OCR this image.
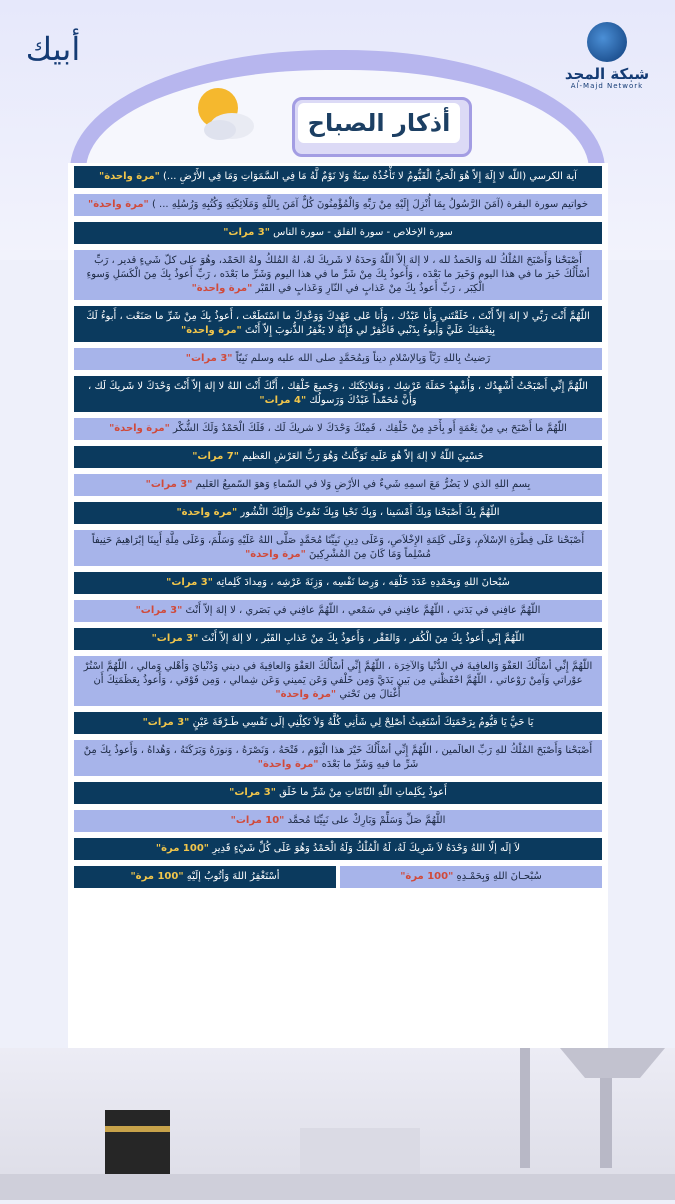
شبكة المجد
Al-Majd Network
أبيك
أذكار الصباح
آية الكرسي (اللّه لا إِلَهَ إِلاّ هُوَ الْحَيُّ الْقَيُّومُ لا تَأْخُذُهُ سِنَةٌ وَلا نَوْمٌ لَّهُ مَا فِي السَّمَوَاتِ وَمَا فِي الأَرْضِ ...) "مرة واحدة"
خواتيم سورة البقرة (آمَنَ الرَّسُولُ بِمَا أُنْزِلَ إِلَيْهِ مِنْ رَبِّهِ وَالْمُؤْمِنُونَ كُلٌّ آمَنَ بِاللَّهِ وَمَلَائِكَتِهِ وَكُتُبِهِ وَرُسُلِهِ ... ) "مرة واحدة"
سورة الإخلاص - سورة الفلق - سورة الناس "3 مرات"
أَصْبَحْنا وَأَصْبَحَ المُلْكُ لله وَالحَمدُ لله ، لا إلهَ إلاّ اللّهُ وَحدَهُ لا شَريكَ لهُ، لهُ المُلكُ ولهُ الحَمْد، وهُوَ على كلّ شَيءٍ قدير ، رَبِّ أسْأَلُكَ خَيرَ ما في هذا اليوم وَخَيرَ ما بَعْدَه ، وَأَعوذُ بِكَ مِنْ شَرِّ ما في هذا اليوم وَشَرِّ ما بَعْدَه ، رَبِّ أَعوذُ بِكَ مِنَ الْكَسَلِ وَسوءِ الْكِبَر ، رَبِّ أَعوذُ بِكَ مِنْ عَذابٍ في النّارِ وَعَذابٍ في القَبْر "مرة واحدة"
اللّهُمَّ أَنْتَ رَبِّي لا إلهَ إلاّ أَنْتَ ، خَلَقْتَني وَأَنا عَبْدُك ، وَأَنا عَلى عَهْدِكَ وَوَعْدِكَ ما اسْتَطَعْت ، أَعوذُ بِكَ مِنْ شَرِّ ما صَنَعْت ، أَبوءُ لَكَ بِنِعْمَتِكَ عَلَيَّ وَأَبوءُ بِذَنْبي فَاغْفِرْ لي فَإِنَّهُ لا يَغْفِرُ الذُّنوبَ إِلاّ أَنْتَ "مرة واحدة"
رَضيتُ بِاللهِ رَبَّاً وَبِالإسْلامِ ديناً وَبِمُحَمَّدٍ صلى الله عليه وسلم نَبِيّاً "3 مرات"
اللّهُمَّ إِنِّي أَصْبَحْتُ أُشْهِدُك ، وَأُشْهِدُ حَمَلَةَ عَرْشِك ، وَمَلائِكَتَك ، وَجَميعَ خَلْقِك ، أَنَّكَ أَنْتَ اللهُ لا إلهَ إلاّ أَنْتَ وَحْدَكَ لا شَريكَ لَك ، وَأَنَّ مُحَمّداً عَبْدُكَ وَرَسولُك "4 مرات"
اللّهُمَّ ما أَصْبَحَ بي مِنْ نِعْمَةٍ أَو بِأَحَدٍ مِنْ خَلْقِك ، فَمِنْكَ وَحْدَكَ لا شريكَ لَك ، فَلَكَ الْحَمْدُ وَلَكَ الشُّكْر "مرة واحدة"
حَسْبِيَ اللّهُ لا إلهَ إلاّ هُوَ عَلَيهِ تَوَكَّلتُ وَهُوَ رَبُّ العَرْشِ العَظيم "7 مرات"
بِسمِ اللهِ الذي لا يَضُرُّ مَعَ اسمِهِ شَيءٌ في الأرْضِ وَلا في السّماءِ وَهوَ السّميعُ العَليم "3 مرات"
اللّهُمَّ بِكَ أَصْبَحْنا وَبِكَ أَمْسَينا ، وَبِكَ نَحْيا وَبِكَ نَمُوتُ وَإِلَيْكَ النُّشُور "مرة واحدة"
أَصْبَحْنا عَلَى فِطْرَةِ الإسْلاَمِ، وَعَلَى كَلِمَةِ الإِخْلاَصِ، وَعَلَى دِينِ نَبِيِّنَا مُحَمَّدٍ صَلَّى اللهُ عَلَيْهِ وَسَلَّمَ، وَعَلَى مِلَّةِ أَبِينَا إبْرَاهِيمَ حَنِيفاً مُسْلِماً وَمَا كَانَ مِنَ المُشْرِكِينَ "مرة واحدة"
سُبْحانَ اللهِ وَبِحَمْدِهِ عَدَدَ خَلْقِه ، وَرِضا نَفْسِه ، وَزِنَةَ عَرْشِه ، وَمِدادَ كَلِماتِه "3 مرات"
اللّهُمَّ عافِني في بَدَني ، اللّهُمَّ عافِني في سَمْعي ، اللّهُمَّ عافِني في بَصَري ، لا إلهَ إلاّ أَنْتَ "3 مرات"
اللّهُمَّ إِنّي أَعوذُ بِكَ مِنَ الْكُفر ، وَالفَقْر ، وَأَعوذُ بِكَ مِنْ عَذابِ القَبْر ، لا إلهَ إلاّ أَنْتَ "3 مرات"
اللّهُمَّ إِنِّي أسْأَلُكَ العَفْوَ وَالعافِيةَ في الدُّنْيا وَالآخِرَة ، اللّهُمَّ إِنِّي أسْأَلُكَ العَفْوَ وَالعافِيةَ في ديني وَدُنْيايَ وَأهْلي وَمالي ، اللّهُمَّ اسْتُرْ عوْراتي وَآمِنْ رَوْعاتي ، اللّهُمَّ احْفَظْني مِن بَينِ يَدَيَّ وَمِن خَلْفي وَعَن يَميني وَعَن شِمالي ، وَمِن فَوْقي ، وَأَعوذُ بِعَظَمَتِكَ أَن أُغْتالَ مِن تَحْتي "مرة واحدة"
يَا حَيُّ يَا قيُّومُ بِرَحْمَتِكَ أسْتَغِيثُ أصْلِحْ لِي شَأنِي كُلَّهُ وَلاَ تَكِلْنِي إلَى نَفْسِي طَـرْفَةَ عَيْنٍ "3 مرات"
أَصْبَحْنا وَأَصْبَحَ المُلْكُ للهِ رَبِّ العالَمين ، اللّهُمَّ إِنِّي أسْأَلُكَ خَيْرَ هذا الْيَوْم ، فَتْحَهُ ، وَنَصْرَهُ ، وَنورَهُ وَبَرَكَتَهُ ، وَهُداهُ ، وَأَعوذُ بِكَ مِنْ شَرِّ ما فيهِ وَشَرِّ ما بَعْدَه "مرة واحدة"
أَعوذُ بِكَلِماتِ اللّهِ التّامّاتِ مِنْ شَرِّ ما خَلَق "3 مرات"
اللَّهُمَّ صَلِّ وَسَلِّمْ وَبَارِكْ على نَبِيِّنَا مُحمَّد "10 مرات"
لاَ إلَه إلّا اللهُ وَحْدَهُ لاَ شَرِيكَ لَهُ، لَهُ الْمُلْكُ وَلَهُ الْحَمْدُ وَهُوَ عَلَى كُلِّ شَيْءٍ قَدِيرِ "100 مرة"
سُبْحـانَ اللهِ وَبِحَمْـدِهِ "100 مرة"
أسْتَغْفِرُ اللهَ وَأتُوبُ إلَيْهِ "100 مرة"
